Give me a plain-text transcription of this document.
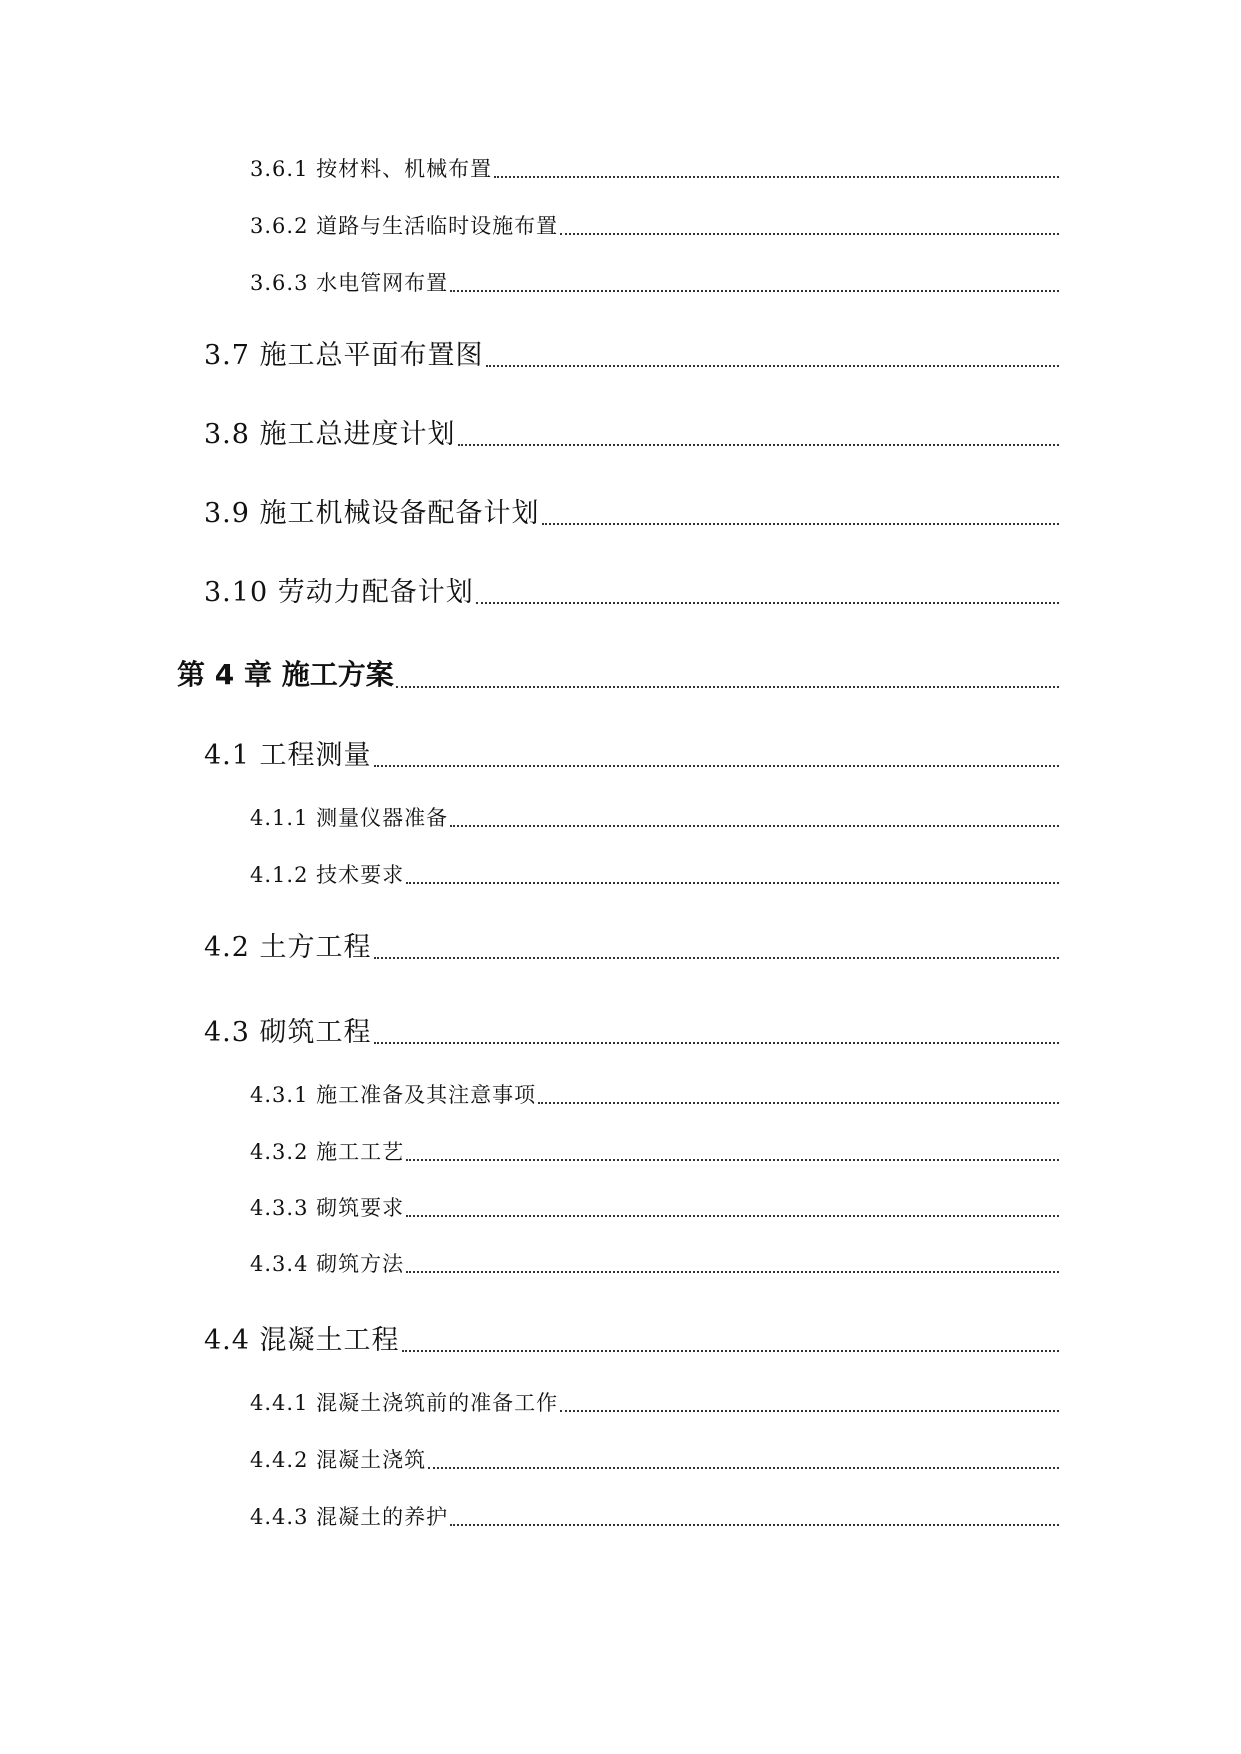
3.6.1 按材料、机械布置
3.6.2 道路与生活临时设施布置
3.6.3 水电管网布置
3.7 施工总平面布置图
3.8 施工总进度计划
3.9 施工机械设备配备计划
3.10 劳动力配备计划
第 4 章 施工方案
4.1 工程测量
4.1.1 测量仪器准备
4.1.2 技术要求
4.2 土方工程
4.3 砌筑工程
4.3.1 施工准备及其注意事项
4.3.2 施工工艺
4.3.3 砌筑要求
4.3.4 砌筑方法
4.4 混凝土工程
4.4.1 混凝土浇筑前的准备工作
4.4.2 混凝土浇筑
4.4.3 混凝土的养护
